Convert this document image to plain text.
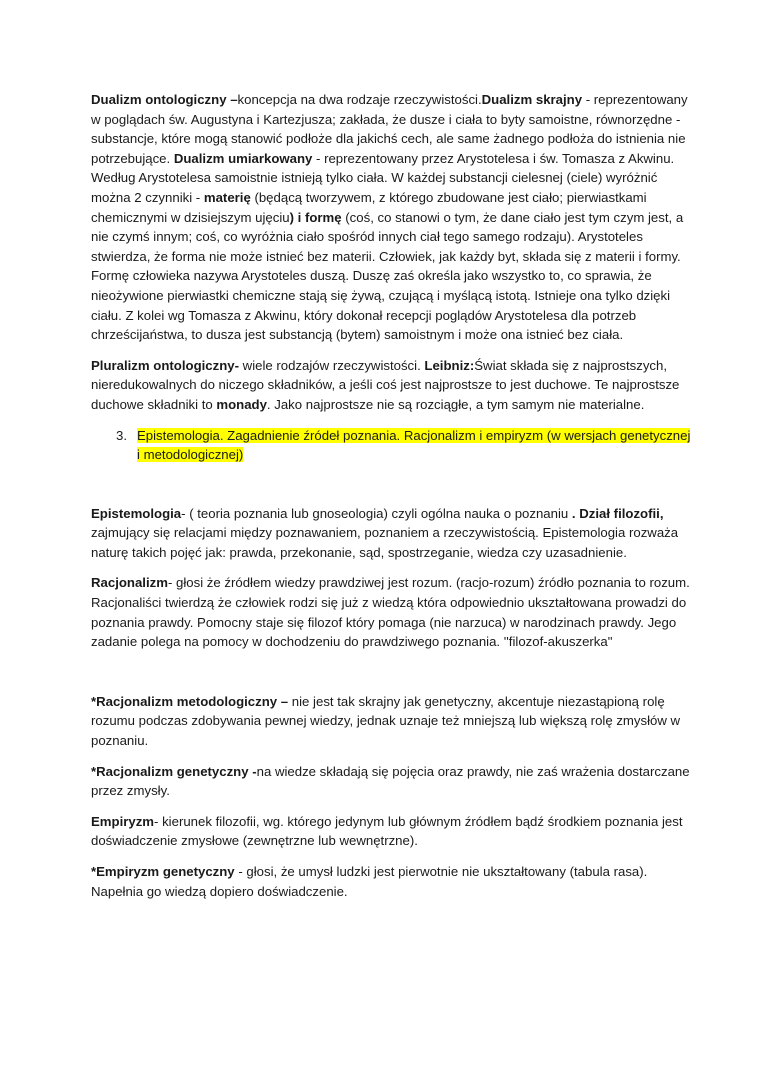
Dualizm ontologiczny –koncepcja na dwa rodzaje rzeczywistości.Dualizm skrajny - reprezentowany w poglądach św. Augustyna i Kartezjusza; zakłada, że dusze i ciała to byty samoistne, równorzędne - substancje, które mogą stanowić podłoże dla jakichś cech, ale same żadnego podłoża do istnienia nie potrzebujące. Dualizm umiarkowany - reprezentowany przez Arystotelesa i św. Tomasza z Akwinu. Według Arystotelesa samoistnie istnieją tylko ciała. W każdej substancji cielesnej (ciele) wyróżnić można 2 czynniki - materię (będącą tworzywem, z którego zbudowane jest ciało; pierwiastkami chemicznymi w dzisiejszym ujęciu) i formę (coś, co stanowi o tym, że dane ciało jest tym czym jest, a nie czymś innym; coś, co wyróżnia ciało spośród innych ciał tego samego rodzaju). Arystoteles stwierdza, że forma nie może istnieć bez materii. Człowiek, jak każdy byt, składa się z materii i formy. Formę człowieka nazywa Arystoteles duszą. Duszę zaś określa jako wszystko to, co sprawia, że nieożywione pierwiastki chemiczne stają się żywą, czującą i myślącą istotą. Istnieje ona tylko dzięki ciału. Z kolei wg Tomasza z Akwinu, który dokonał recepcji poglądów Arystotelesa dla potrzeb chrześcijaństwa, to dusza jest substancją (bytem) samoistnym i może ona istnieć bez ciała.

Pluralizm ontologiczny- wiele rodzajów rzeczywistości. Leibniz:Świat składa się z najprostszych, nieredukowalnych do niczego składników, a jeśli coś jest najprostsze to jest duchowe. Te najprostsze duchowe składniki to monady. Jako najprostsze nie są rozciągłe, a tym samym nie materialne.

3. Epistemologia. Zagadnienie źródeł poznania. Racjonalizm i empiryzm (w wersjach genetycznej i metodologicznej)

Epistemologia- ( teoria poznania lub gnoseologia) czyli ogólna nauka o poznaniu . Dział filozofii, zajmujący się relacjami między poznawaniem, poznaniem a rzeczywistością. Epistemologia rozważa naturę takich pojęć jak: prawda, przekonanie, sąd, spostrzeganie, wiedza czy uzasadnienie.

Racjonalizm- głosi że źródłem wiedzy prawdziwej jest rozum. (racjo-rozum) źródło poznania to rozum. Racjonaliści twierdzą że człowiek rodzi się już z wiedzą która odpowiednio ukształtowana prowadzi do poznania prawdy. Pomocny staje się filozof który pomaga (nie narzuca) w narodzinach prawdy. Jego zadanie polega na pomocy w dochodzeniu do prawdziwego poznania. ''filozof-akuszerka"

*Racjonalizm metodologiczny – nie jest tak skrajny jak genetyczny, akcentuje niezastąpioną rolę rozumu podczas zdobywania pewnej wiedzy, jednak uznaje też mniejszą lub większą rolę zmysłów w poznaniu.

*Racjonalizm genetyczny -na wiedze składają się pojęcia oraz prawdy, nie zaś wrażenia dostarczane przez zmysły.

Empiryzm- kierunek filozofii, wg. którego jedynym lub głównym źródłem bądź środkiem poznania jest doświadczenie zmysłowe (zewnętrzne lub wewnętrzne).

*Empiryzm genetyczny - głosi, że umysł ludzki jest pierwotnie nie ukształtowany (tabula rasa). Napełnia go wiedzą dopiero doświadczenie.
